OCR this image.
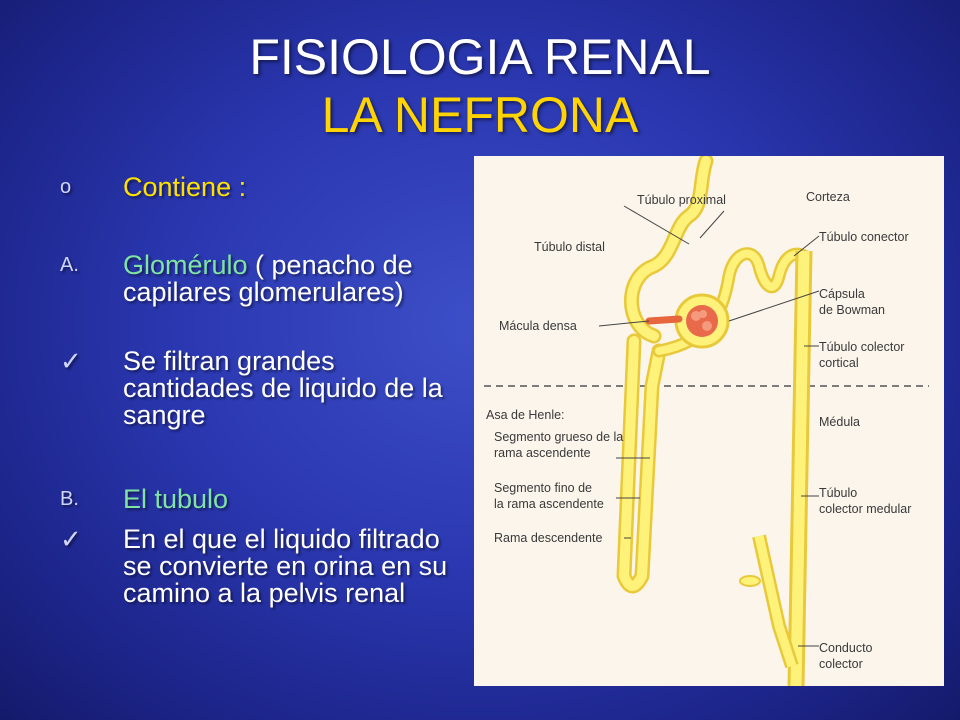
FISIOLOGIA RENAL
LA NEFRONA
o Contiene :
A. Glomérulo ( penacho de capilares glomerulares)
✓ Se filtran grandes cantidades de liquido de la sangre
B. El tubulo
✓ En el que el liquido filtrado se convierte en orina en su camino a la pelvis renal
Túbulo proximal	Corteza
Túbulo distal
Túbulo conector
Cápsula
de Bowman
Mácula densa
Túbulo colector
cortical
Asa de Henle:
Segmento grueso de la
rama ascendente
Médula
Segmento fino de
la rama ascendente
Túbulo
colector medular
Rama descendente
Conducto
colector
